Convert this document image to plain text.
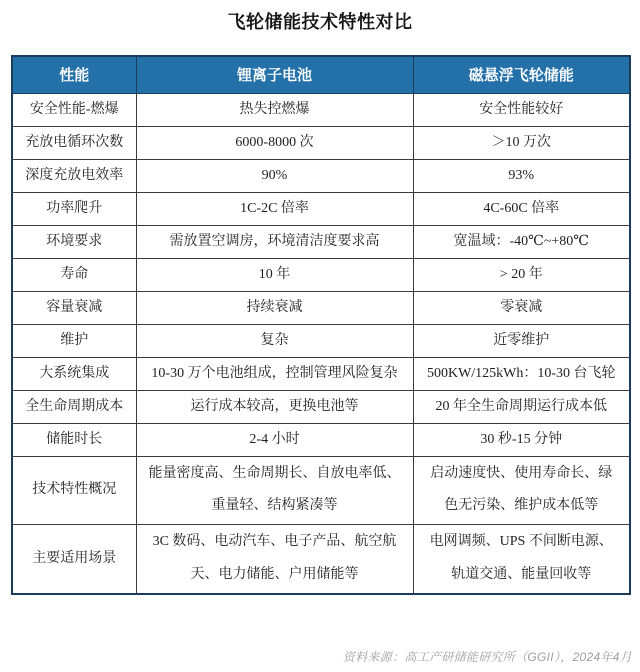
飞轮储能技术特性对比
性能	锂离子电池	磁悬浮飞轮储能
安全性能-燃爆	热失控燃爆	安全性能较好
充放电循环次数	6000-8000 次	＞10 万次
深度充放电效率	90%	93%
功率爬升	1C-2C 倍率	4C-60C 倍率
环境要求	需放置空调房，环境清洁度要求高	宽温域：-40℃~+80℃
寿命	10 年	> 20 年
容量衰减	持续衰减	零衰减
维护	复杂	近零维护
大系统集成	10-30 万个电池组成，控制管理风险复杂	500KW/125kWh：10-30 台飞轮
全生命周期成本	运行成本较高，更换电池等	20 年全生命周期运行成本低
储能时长	2-4 小时	30 秒-15 分钟
技术特性概况	能量密度高、生命周期长、自放电率低、重量轻、结构紧凑等	启动速度快、使用寿命长、绿色无污染、维护成本低等
主要适用场景	3C 数码、电动汽车、电子产品、航空航天、电力储能、户用储能等	电网调频、UPS 不间断电源、轨道交通、能量回收等
资料来源：高工产研储能研究所（GGII），2024年4月
